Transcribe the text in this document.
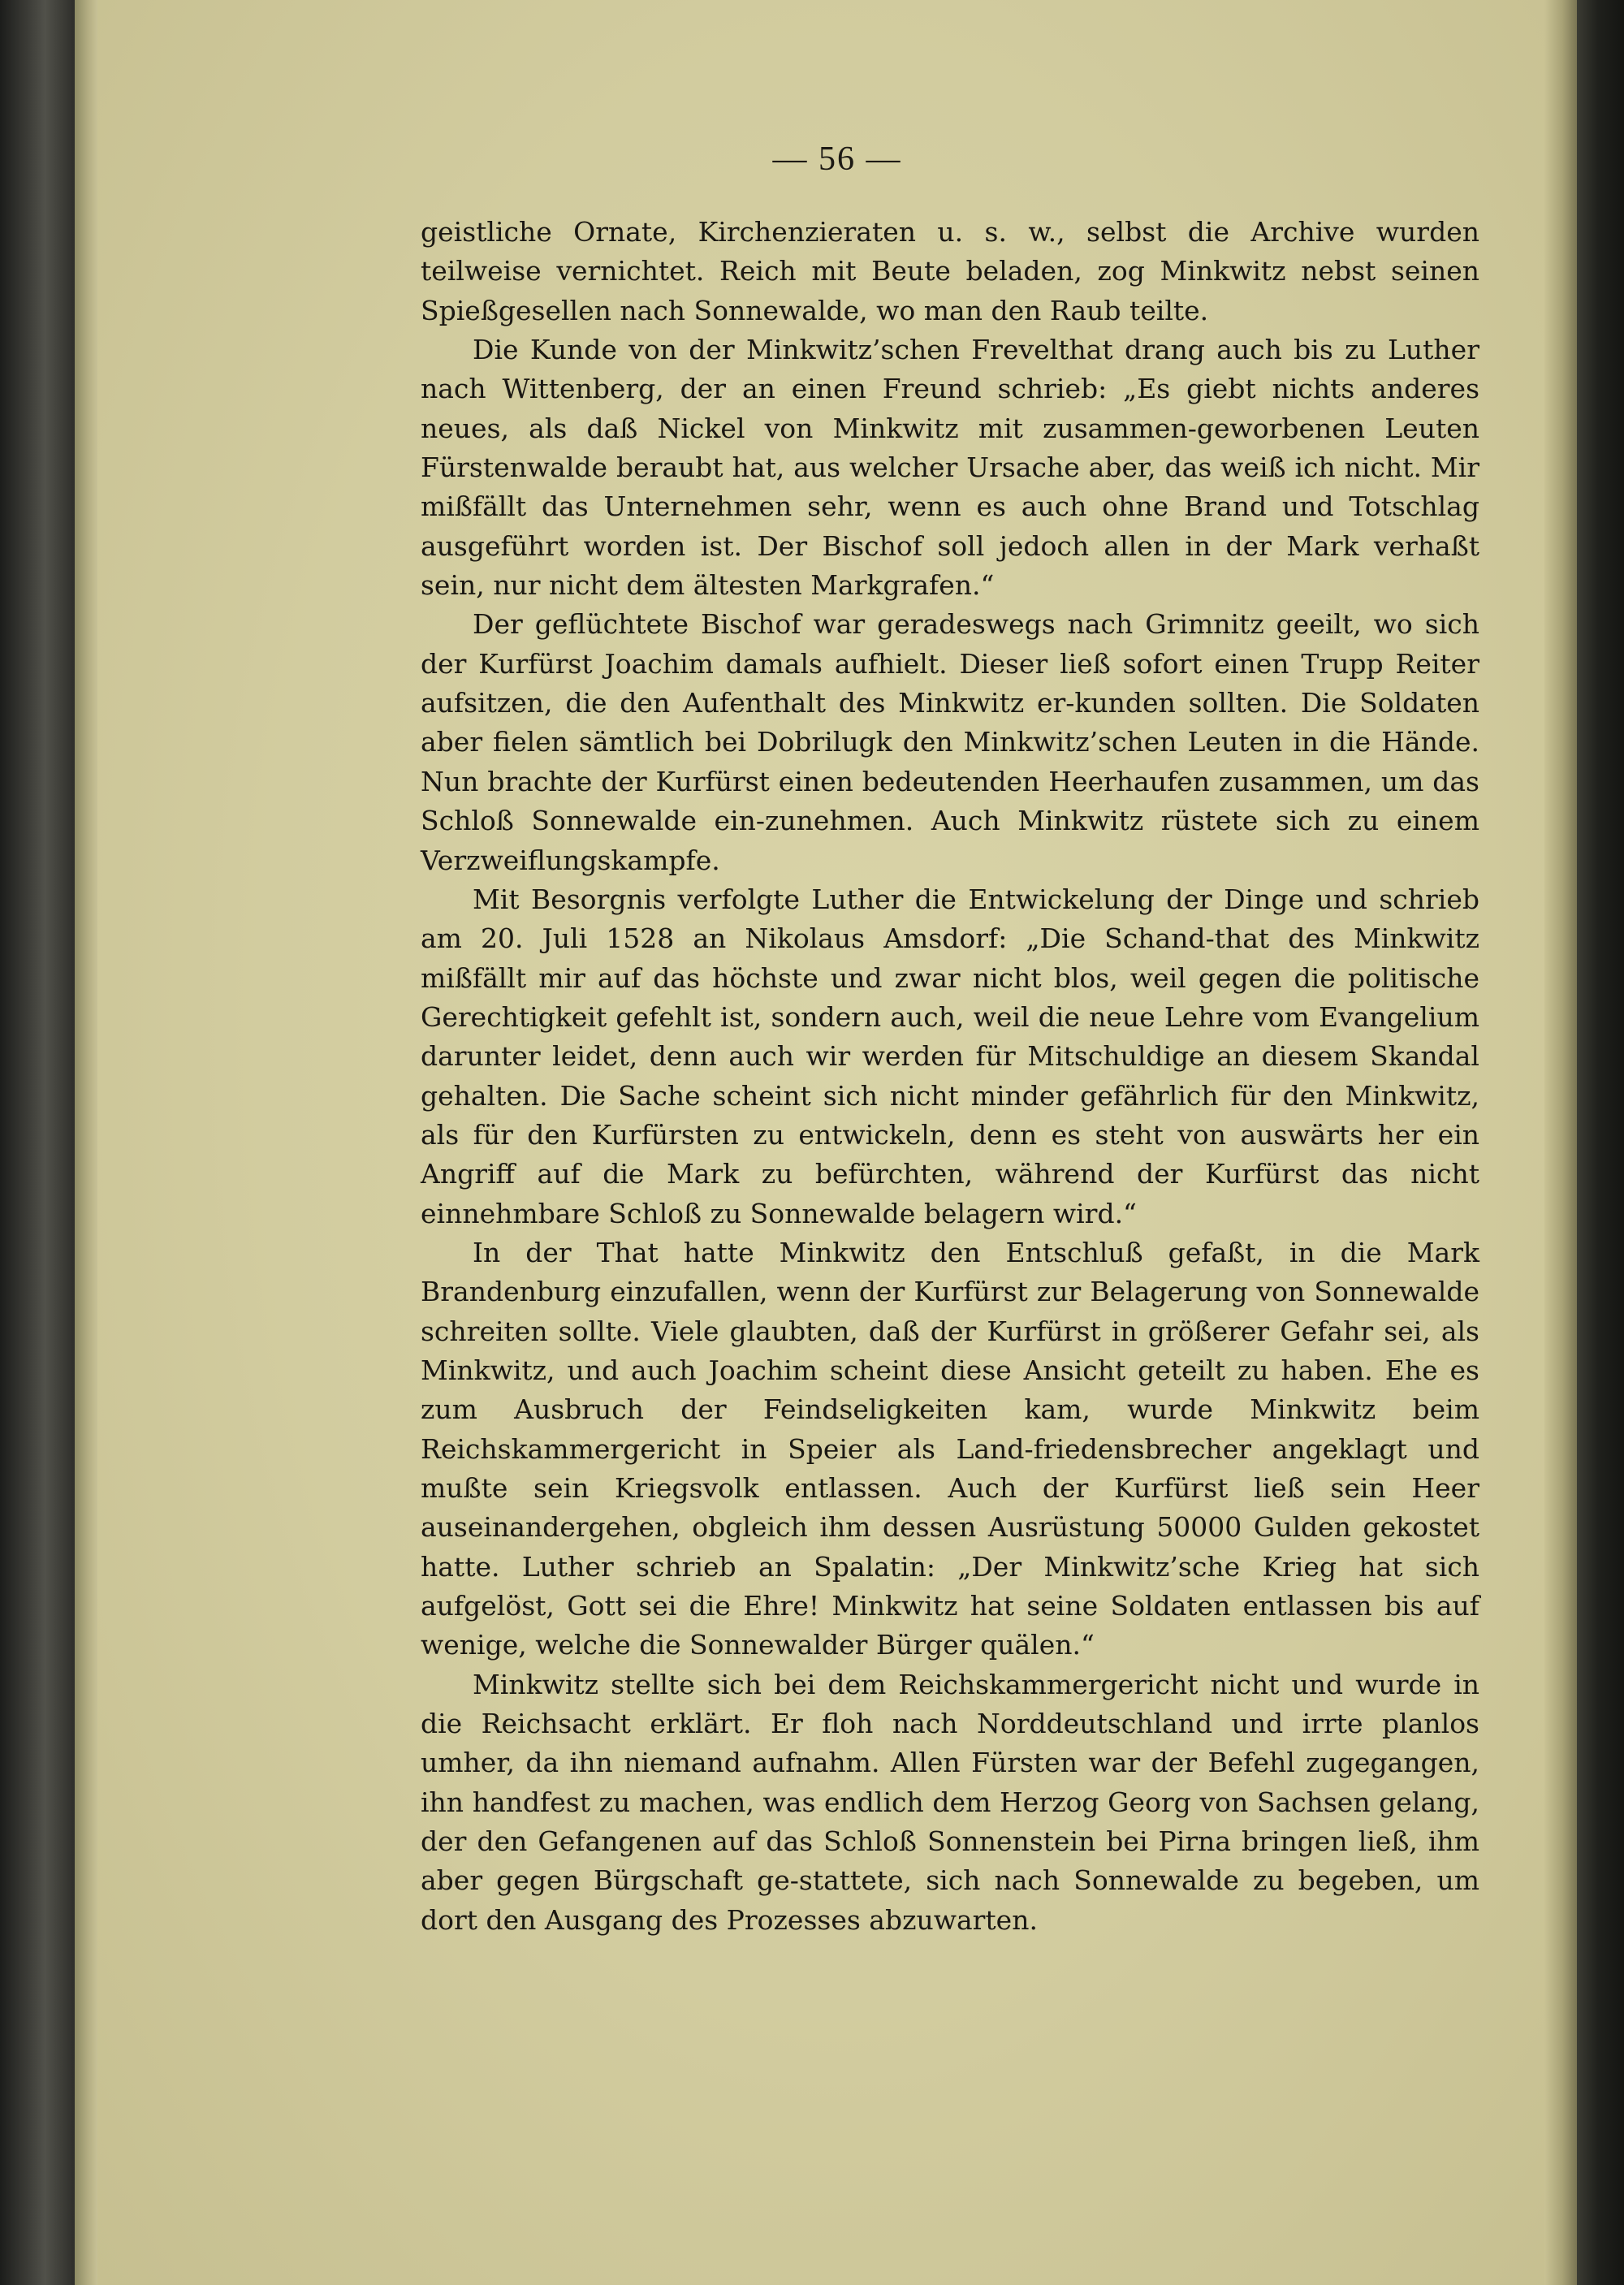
— 56 —

geistliche Ornate, Kirchenzieraten u. s. w., selbst die Archive wurden teilweise vernichtet. Reich mit Beute beladen, zog Minkwitz nebst seinen Spießgesellen nach Sonnewalde, wo man den Raub teilte.

Die Kunde von der Minkwitz’schen Frevelthat drang auch bis zu Luther nach Wittenberg, der an einen Freund schrieb: „Es giebt nichts anderes neues, als daß Nickel von Minkwitz mit zusammen-geworbenen Leuten Fürstenwalde beraubt hat, aus welcher Ursache aber, das weiß ich nicht. Mir mißfällt das Unternehmen sehr, wenn es auch ohne Brand und Totschlag ausgeführt worden ist. Der Bischof soll jedoch allen in der Mark verhaßt sein, nur nicht dem ältesten Markgrafen.“

Der geflüchtete Bischof war geradeswegs nach Grimnitz geeilt, wo sich der Kurfürst Joachim damals aufhielt. Dieser ließ sofort einen Trupp Reiter aufsitzen, die den Aufenthalt des Minkwitz er-kunden sollten. Die Soldaten aber fielen sämtlich bei Dobrilugk den Minkwitz’schen Leuten in die Hände. Nun brachte der Kurfürst einen bedeutenden Heerhaufen zusammen, um das Schloß Sonnewalde ein-zunehmen. Auch Minkwitz rüstete sich zu einem Verzweiflungskampfe.

Mit Besorgnis verfolgte Luther die Entwickelung der Dinge und schrieb am 20. Juli 1528 an Nikolaus Amsdorf: „Die Schand-that des Minkwitz mißfällt mir auf das höchste und zwar nicht blos, weil gegen die politische Gerechtigkeit gefehlt ist, sondern auch, weil die neue Lehre vom Evangelium darunter leidet, denn auch wir werden für Mitschuldige an diesem Skandal gehalten. Die Sache scheint sich nicht minder gefährlich für den Minkwitz, als für den Kurfürsten zu entwickeln, denn es steht von auswärts her ein Angriff auf die Mark zu befürchten, während der Kurfürst das nicht einnehmbare Schloß zu Sonnewalde belagern wird.“

In der That hatte Minkwitz den Entschluß gefaßt, in die Mark Brandenburg einzufallen, wenn der Kurfürst zur Belagerung von Sonnewalde schreiten sollte. Viele glaubten, daß der Kurfürst in größerer Gefahr sei, als Minkwitz, und auch Joachim scheint diese Ansicht geteilt zu haben. Ehe es zum Ausbruch der Feindseligkeiten kam, wurde Minkwitz beim Reichskammergericht in Speier als Land-friedensbrecher angeklagt und mußte sein Kriegsvolk entlassen. Auch der Kurfürst ließ sein Heer auseinandergehen, obgleich ihm dessen Ausrüstung 50000 Gulden gekostet hatte. Luther schrieb an Spalatin: „Der Minkwitz’sche Krieg hat sich aufgelöst, Gott sei die Ehre! Minkwitz hat seine Soldaten entlassen bis auf wenige, welche die Sonnewalder Bürger quälen.“

Minkwitz stellte sich bei dem Reichskammergericht nicht und wurde in die Reichsacht erklärt. Er floh nach Norddeutschland und irrte planlos umher, da ihn niemand aufnahm. Allen Fürsten war der Befehl zugegangen, ihn handfest zu machen, was endlich dem Herzog Georg von Sachsen gelang, der den Gefangenen auf das Schloß Sonnenstein bei Pirna bringen ließ, ihm aber gegen Bürgschaft ge-stattete, sich nach Sonnewalde zu begeben, um dort den Ausgang des Prozesses abzuwarten.
